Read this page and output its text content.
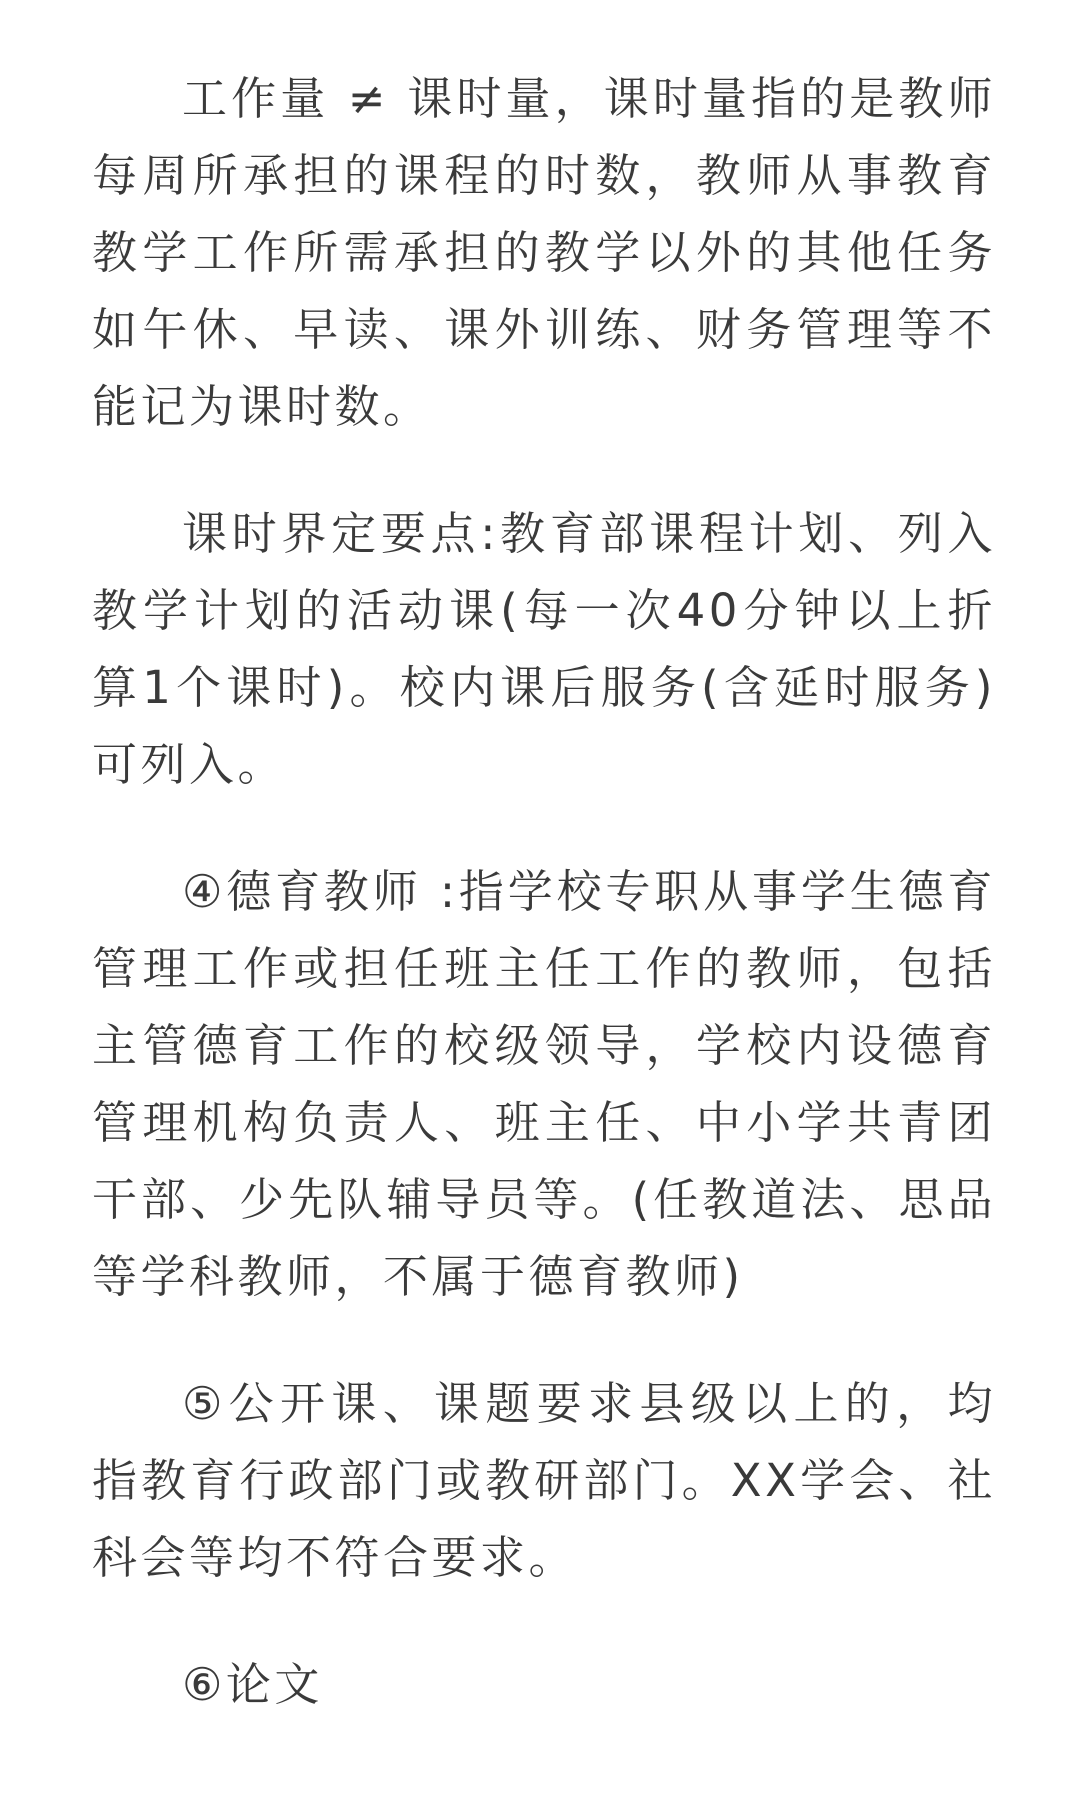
工作量 ≠ 课时量，课时量指的是教师每周所承担的课程的时数，教师从事教育教学工作所需承担的教学以外的其他任务如午休、早读、课外训练、财务管理等不能记为课时数。

课时界定要点:教育部课程计划、列入教学计划的活动课(每一次40分钟以上折算1个课时)。校内课后服务(含延时服务)可列入。

④德育教师 :指学校专职从事学生德育管理工作或担任班主任工作的教师，包括主管德育工作的校级领导，学校内设德育管理机构负责人、班主任、中小学共青团干部、少先队辅导员等。(任教道法、思品等学科教师，不属于德育教师)

⑤公开课、课题要求县级以上的，均指教育行政部门或教研部门。XX学会、社科会等均不符合要求。

⑥论文
